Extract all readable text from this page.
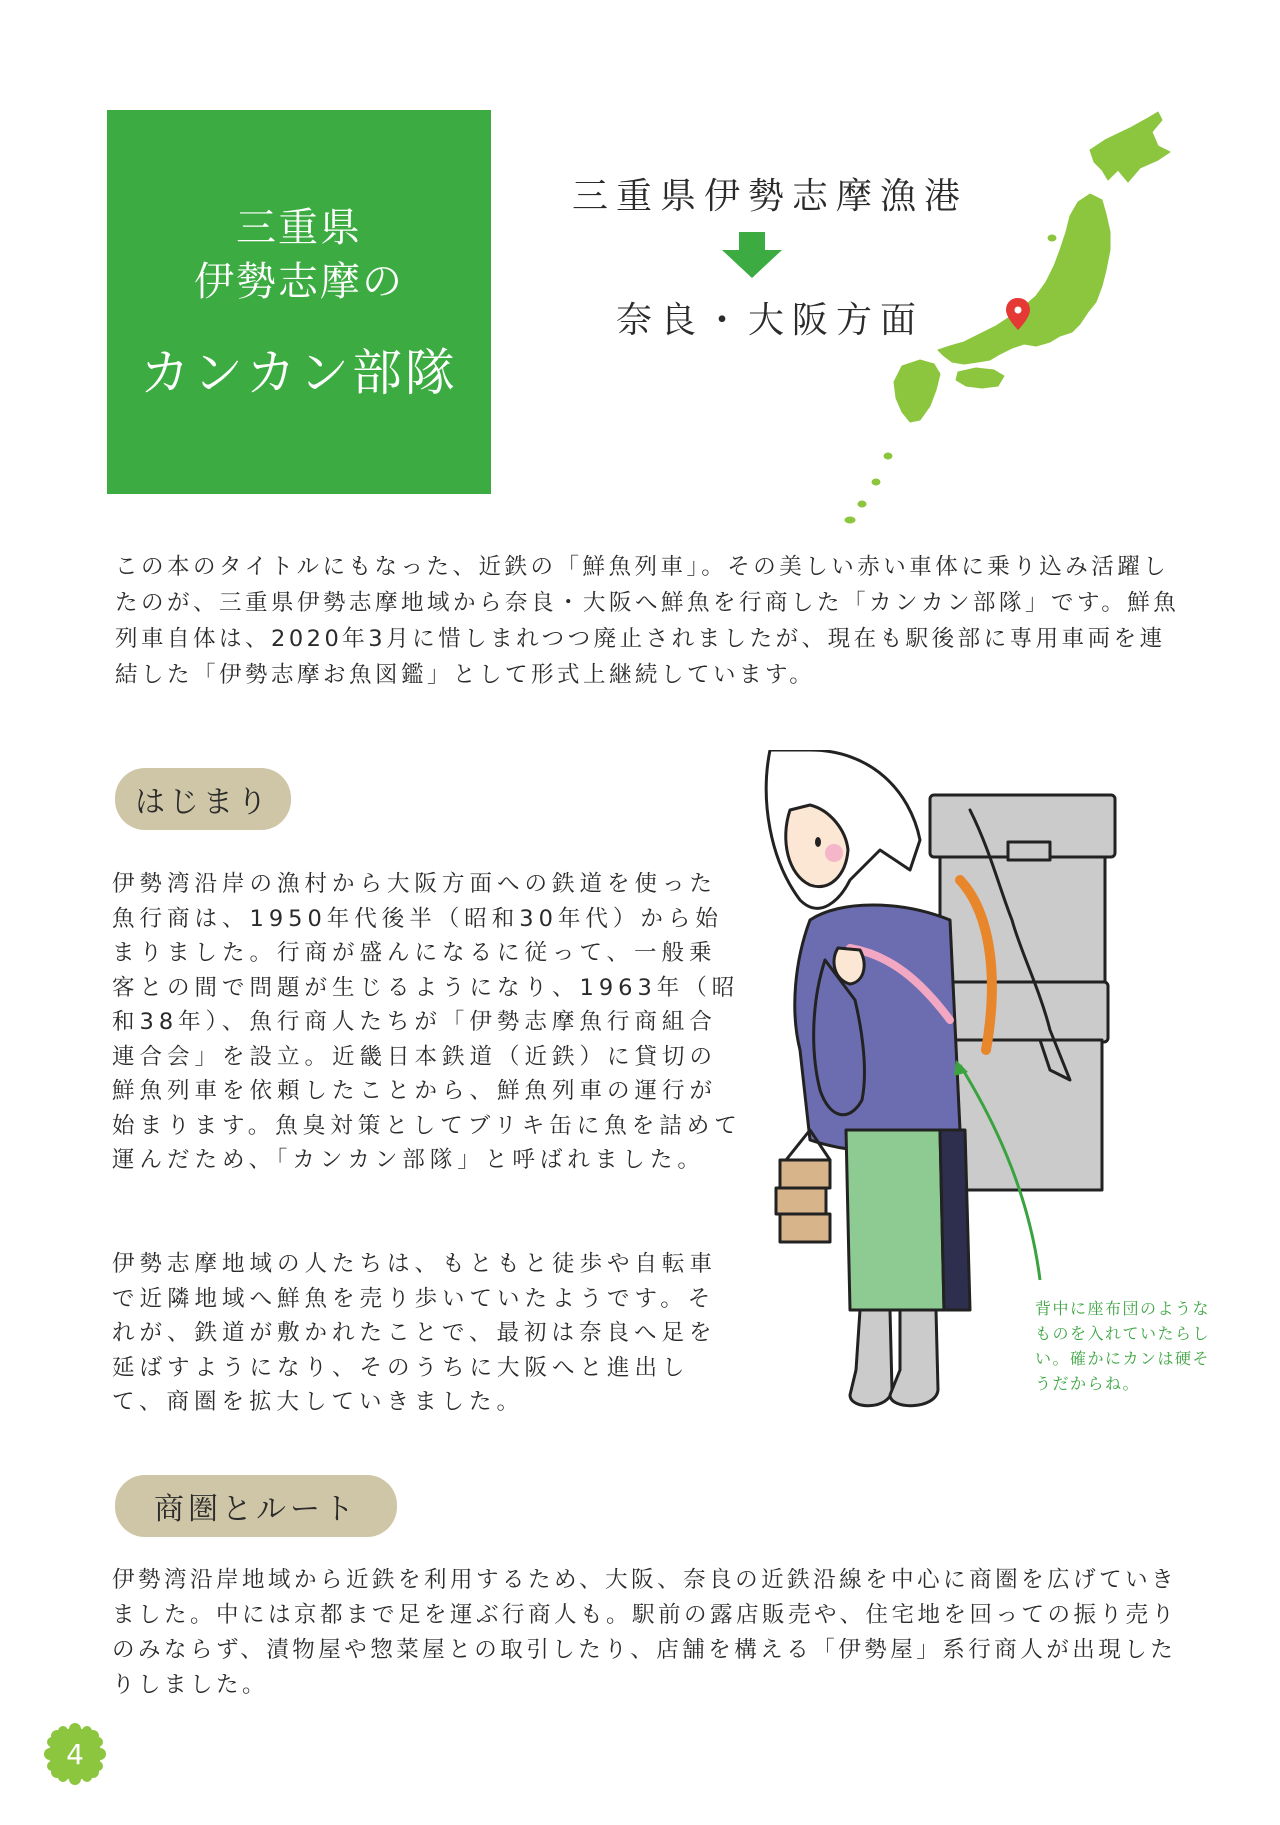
三重県
伊勢志摩の
カンカン部隊
三重県伊勢志摩漁港
奈良・大阪方面

この本のタイトルにもなった、近鉄の「鮮魚列車」。その美しい赤い車体に乗り込み活躍したのが、三重県伊勢志摩地域から奈良・大阪へ鮮魚を行商した「カンカン部隊」です。鮮魚列車自体は、2020年3月に惜しまれつつ廃止されましたが、現在も駅後部に専用車両を連結した「伊勢志摩お魚図鑑」として形式上継続しています。

はじまり

伊勢湾沿岸の漁村から大阪方面への鉄道を使った魚行商は、1950年代後半（昭和30年代）から始まりました。行商が盛んになるに従って、一般乗客との間で問題が生じるようになり、1963年（昭和38年）、魚行商人たちが「伊勢志摩魚行商組合連合会」を設立。近畿日本鉄道（近鉄）に貸切の鮮魚列車を依頼したことから、鮮魚列車の運行が始まります。魚臭対策としてブリキ缶に魚を詰めて運んだため、「カンカン部隊」と呼ばれました。

伊勢志摩地域の人たちは、もともと徒歩や自転車で近隣地域へ鮮魚を売り歩いていたようです。それが、鉄道が敷かれたことで、最初は奈良へ足を延ばすようになり、そのうちに大阪へと進出して、商圏を拡大していきました。

背中に座布団のようなものを入れていたらしい。確かにカンは硬そうだからね。

商圏とルート

伊勢湾沿岸地域から近鉄を利用するため、大阪、奈良の近鉄沿線を中心に商圏を広げていきました。中には京都まで足を運ぶ行商人も。駅前の露店販売や、住宅地を回っての振り売りのみならず、漬物屋や惣菜屋との取引したり、店舗を構える「伊勢屋」系行商人が出現したりしました。

4
